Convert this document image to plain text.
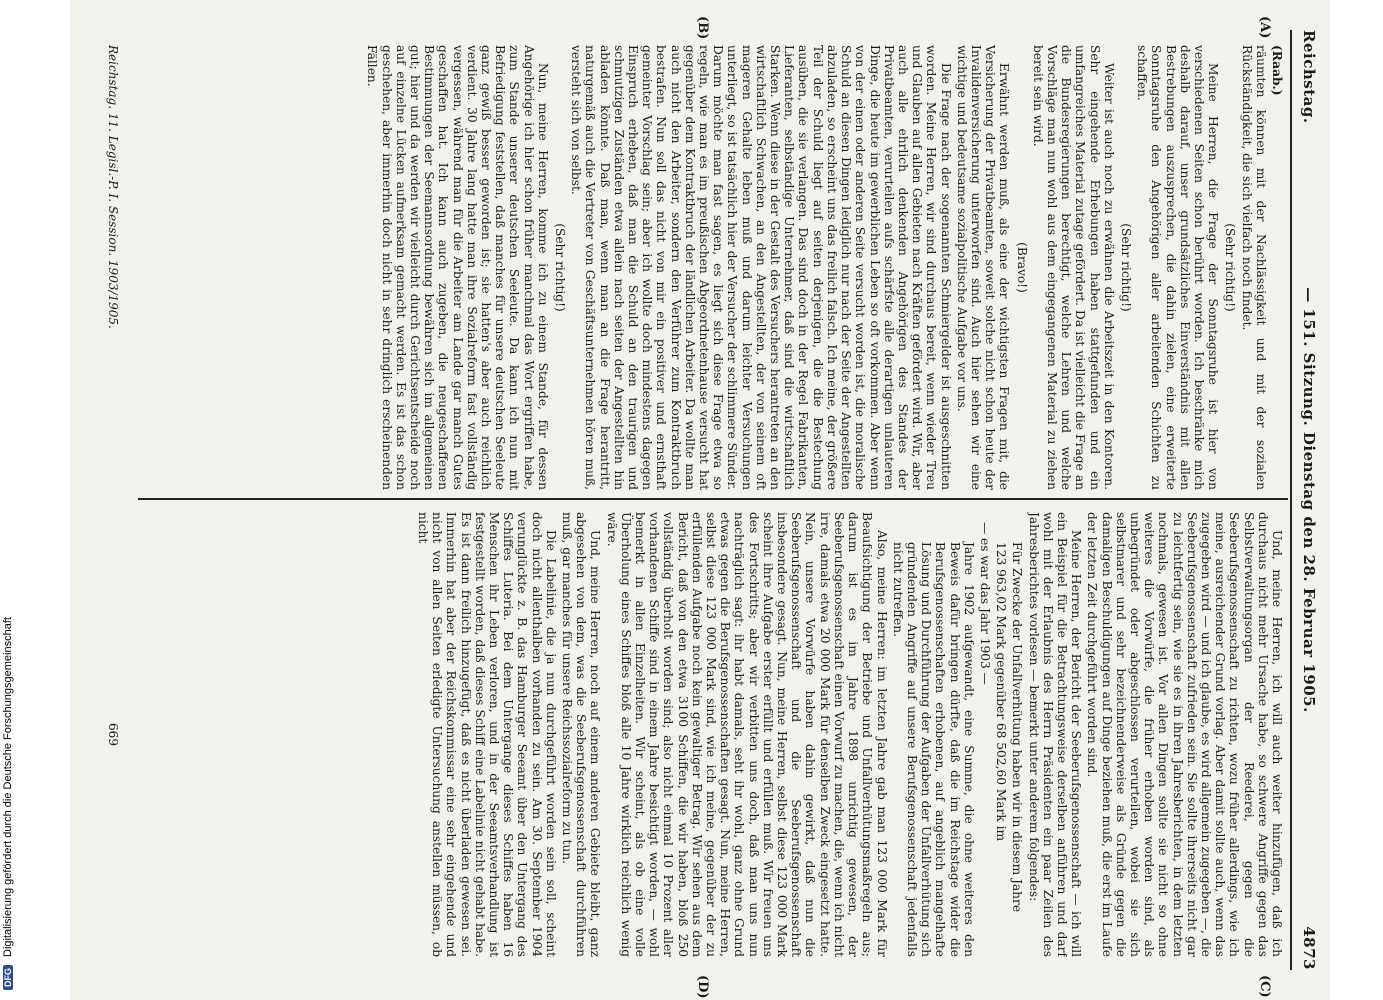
Reichstag.
— 151. Sitzung. Dienstag den 28. Februar 1905.
4873
(A)
(B)
(C)
(D)

(Raab.)

räumten können mit der Nachlässigkeit und mit der sozialen Rückständigkeit, die sich vielfach noch findet.

(Sehr richtig!)

Meine Herren, die Frage der Sonntagsruhe ist hier von verschiedenen Seiten schon berührt worden. Ich beschränke mich deshalb darauf, unser grundsätzliches Einverständnis mit allen Bestrebungen auszusprechen, die dahin zielen, eine erweiterte Sonntagsruhe den Angehörigen aller arbeitenden Schichten zu schaffen.

(Sehr richtig!)

Weiter ist auch noch zu erwähnen die Arbeitszeit in den Kontoren. Sehr eingehende Erhebungen haben stattgefunden und ein umfangreiches Material zutage gefördert. Da ist vielleicht die Frage an die Bundesregierungen berechtigt, welche Lehren und welche Vorschläge man nun wohl aus dem eingegangenen Material zu ziehen bereit sein wird.

(Bravo!)

Erwähnt werden muß, als eine der wichtigsten Fragen mit, die Versicherung der Privatbeamten, soweit solche nicht schon heute der Invalidenversicherung unterworfen sind. Auch hier sehen wir eine wichtige und bedeutsame sozialpolitische Aufgabe vor uns.

Die Frage nach der sogenannten Schmiergelder ist ausgeschnitten worden. Meine Herren, wir sind durchaus bereit, wenn wieder Treu und Glauben auf allen Gebieten nach Kräften gefördert wird. Wir, aber auch alle ehrlich denkenden Angehörigen des Standes der Privatbeamten, verurteilen aufs schärfste alle derartigen unlauteren Dinge, die heute im gewerblichen Leben so oft vorkommen. Aber wenn von der einen oder anderen Seite versucht worden ist, die moralische Schuld an diesen Dingen lediglich nur nach der Seite der Angestellten abzuladen, so erscheint uns das freilich falsch. Ich meine, der größere Teil der Schuld liegt auf seiten derjenigen, die die Bestechung ausüben, die sie verlangen. Das sind doch in der Regel Fabrikanten, Lieferanten, selbständige Unternehmer, daß sind die wirtschaftlich Starken. Wenn diese in der Gestalt des Versuchers herantreten an den wirtschaftlich Schwachen, an den Angestellten, der von seinem oft mageren Gehalte leben muß und darum leichter Versuchungen unterliegt, so ist tatsächlich hier der Versucher der schlimmere Sünder. Darum möchte man fast sagen, es liegt sich diese Frage etwa so regeln, wie man es im preußischen Abgeordnetenhause versucht hat gegenüber dem Kontraktbruch der ländlichen Arbeiter. Da wollte man auch nicht den Arbeiter, sondern den Verführer zum Kontraktbruch bestrafen. Nun soll das nicht von mir ein positiver und ernsthaft gemeinter Vorschlag sein; aber ich wollte doch mindestens dagegen Einspruch erheben, daß man die Schuld an den traurigen und schmutzigen Zuständen etwa allein nach seiten der Angestellten hin abladen könnte. Daß man, wenn man an die Frage herantritt, naturgemäß auch die Vertreter von Geschäftsunternehmen hören muß, versteht sich von selbst.

(Sehr richtig!)

Nun, meine Herren, komme ich zu einem Stande, für dessen Angehörige ich hier schon früher manchmal das Wort ergriffen habe, zum Stande unserer deutschen Seeleute. Da kann ich nun mit Befriedigung feststellen, daß manches für unsere deutschen Seeleute ganz gewiß besser geworden ist; sie hatten's aber auch reichlich verdient. 30 Jahre lang hatte man ihre Sozialreform fast vollständig vergessen, während man für die Arbeiter am Lande gar manch Gutes geschaffen hat. Ich kann auch zugeben, die neugeschaffenen Bestimmungen der Seemannsordnung bewähren sich im allgemeinen gut; hier und da werden wir vielleicht durch Gerichtsentscheide noch auf einzelne Lücken aufmerksam gemacht werden. Es ist das schon geschehen, aber immerhin doch nicht in sehr dringlich erscheinenden Fällen.

Und, meine Herren, ich will auch weiter hinzufügen, daß ich durchaus nicht mehr Ursache habe, so schwere Angriffe gegen das Selbstverwaltungsorgan der Reederei, gegen die Seeberufsgenossenschaft zu richten, wozu früher allerdings, wie ich meine, ausreichender Grund vorlag. Aber damit sollte auch, wenn das zugegeben wird — und ich glaube, es wird allgemein zugegeben —, die Seeberufsgenossenschaft zufrieden sein. Sie sollte ihrerseits nicht gar zu leichtfertig sein, wie sie es in ihren Jahresberichten, in dem letzten nochmals, gewesen ist. Vor allen Dingen sollte sie nicht so ohne weiteres die Vorwürfe, die früher erhoben worden sind, als unbegründet oder abgeschlossen verurteilen, wobei sie sich selbstmarer und sehr bezeichnenderweise als Gründe gegen die damaligen Beschuldigungen auf Dinge beziehen muß, die erst im Laufe der letzten Zeit durchgeführt worden sind.

Meine Herren, der Bericht der Seeberufsgenossenschaft — ich will ein Beispiel für die Betrachtungsweise derselben anführen und darf wohl mit der Erlaubnis des Herrn Präsidenten ein paar Zeilen des Jahresberichtes vorlesen — bemerkt unter anderem folgendes:

Für Zwecke der Unfallverhütung haben wir in diesem Jahre

123 963,02 Mark gegenüber 68 502,60 Mark im

— es war das Jahr 1903 —

Jahre 1902 aufgewandt, eine Summe, die ohne weiteres den Beweis dafür bringen dürfte, daß die im Reichstage wider die Berufsgenossenschaften erhobenen, auf angeblich mangelhafte Lösung und Durchführung der Aufgaben der Unfallverhütung sich gründenden Angriffe auf unsere Berufsgenossenschaft jedenfalls nicht zutreffen.

Also, meine Herren: im letzten Jahre gab man 123 000 Mark für Beaufsichtigung der Betriebe und Unfallverhütungsmaßregeln aus; darum ist es im Jahre 1898 unrichtig gewesen, der Seeberufsgenossenschaft einen Vorwurf zu machen, die, wenn ich nicht irre, damals etwa 20 000 Mark für denselben Zweck eingesetzt hatte. Nein, unsere Vorwürfe haben dahin gewirkt, daß nun die Seeberufsgenossenschaft und die Seeberufsgenossenschaft insbesondere gesagt. Nun, meine Herren, selbst diese 123 000 Mark scheint ihre Aufgabe erster erfüllt und erfüllen muß. Wir freuen uns des Fortschritts; aber wir verbitten uns doch, daß man uns nun nachträglich sagt: ihr habt damals, seht ihr wohl, ganz ohne Grund etwas gegen die Berufsgenossenschaften gesagt. Nun, meine Herren, selbst diese 123 000 Mark sind, wie ich meine, gegenüber der zu erfüllenden Aufgabe noch kein gewaltiger Betrag. Wir sehen aus dem Bericht, daß von den etwa 3100 Schiffen, die wir haben, bloß 250 vollständig überholt worden sind; also nicht einmal 10 Prozent aller vorhandenen Schiffe sind in einem Jahre besichtigt worden, — wohl bemerkt in allen Einzelheiten. Wir scheint, als ob eine volle Überholung eines Schiffes bloß alle 10 Jahre wirklich reichlich wenig wäre.

Und, meine Herren, noch auf einem anderen Gebiete bleibt, ganz abgesehen von dem, was die Seeberufsgenossenschaft durchführen muß, gar manches für unsere Reichssozialreform zu tun.

Die Labelinie, die ja nun durchgeführt worden sein soll, scheint doch nicht allenthalben vorhanden zu sein. Am 30. September 1904 verunglückte z. B. das Hamburger Seeamt über den Untergang des Schiffes Luteria. Bei dem Untergange dieses Schiffes haben 16 Menschen ihr Leben verloren, und in der Seeamtsverhandlung ist festgestellt worden, daß dieses Schiff eine Labelinie nicht gehabt habe. Es ist dann freilich hinzugefügt, daß es nicht überladen gewesen sei. Immerhin hat aber der Reichskommissar eine sehr eingehende und nicht von allen Seiten erledigte Untersuchung anstellen müssen, ob nicht

Reichstag. 11. Legisl.-P. I. Session. 1903/1905.
669
DFGDigitalisierung gefördert durch die Deutsche Forschungsgemeinschaft
